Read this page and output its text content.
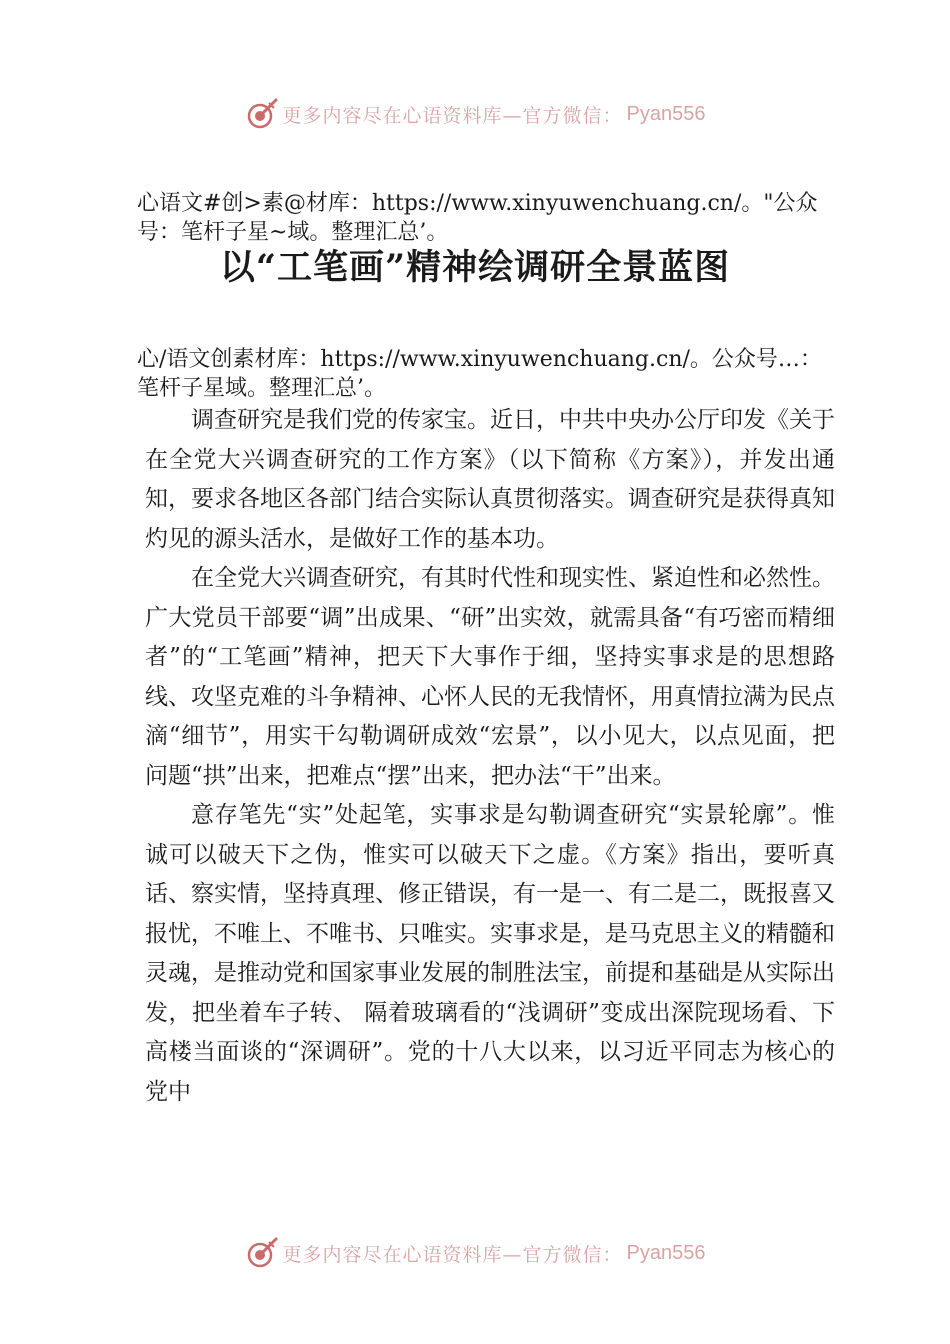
更多内容尽在心语资料库—官方微信： Pyan556

心语文#创>素@材库：https://www.xinyuwenchuang.cn/。"公众号：笔杆子星~域。整理汇总’。

以“工笔画”精神绘调研全景蓝图

心/语文创素材库：https://www.xinyuwenchuang.cn/。公众号…：笔杆子星域。整理汇总’。

调查研究是我们党的传家宝。近日，中共中央办公厅印发《关于在全党大兴调查研究的工作方案》（以下简称《方案》），并发出通知，要求各地区各部门结合实际认真贯彻落实。调查研究是获得真知灼见的源头活水，是做好工作的基本功。

在全党大兴调查研究，有其时代性和现实性、紧迫性和必然性。广大党员干部要“调”出成果、“研”出实效，就需具备“有巧密而精细者”的“工笔画”精神，把天下大事作于细，坚持实事求是的思想路线、攻坚克难的斗争精神、心怀人民的无我情怀，用真情拉满为民点滴“细节”，用实干勾勒调研成效“宏景”，以小见大，以点见面，把问题“拱”出来，把难点“摆”出来，把办法“干”出来。

意存笔先“实”处起笔，实事求是勾勒调查研究“实景轮廓”。惟诚可以破天下之伪，惟实可以破天下之虚。《方案》指出，要听真话、察实情，坚持真理、修正错误，有一是一、有二是二，既报喜又报忧，不唯上、不唯书、只唯实。实事求是，是马克思主义的精髓和灵魂，是推动党和国家事业发展的制胜法宝，前提和基础是从实际出发，把坐着车子转、 隔着玻璃看的“浅调研”变成出深院现场看、下高楼当面谈的“深调研”。党的十八大以来，以习近平同志为核心的党中

更多内容尽在心语资料库—官方微信： Pyan556
